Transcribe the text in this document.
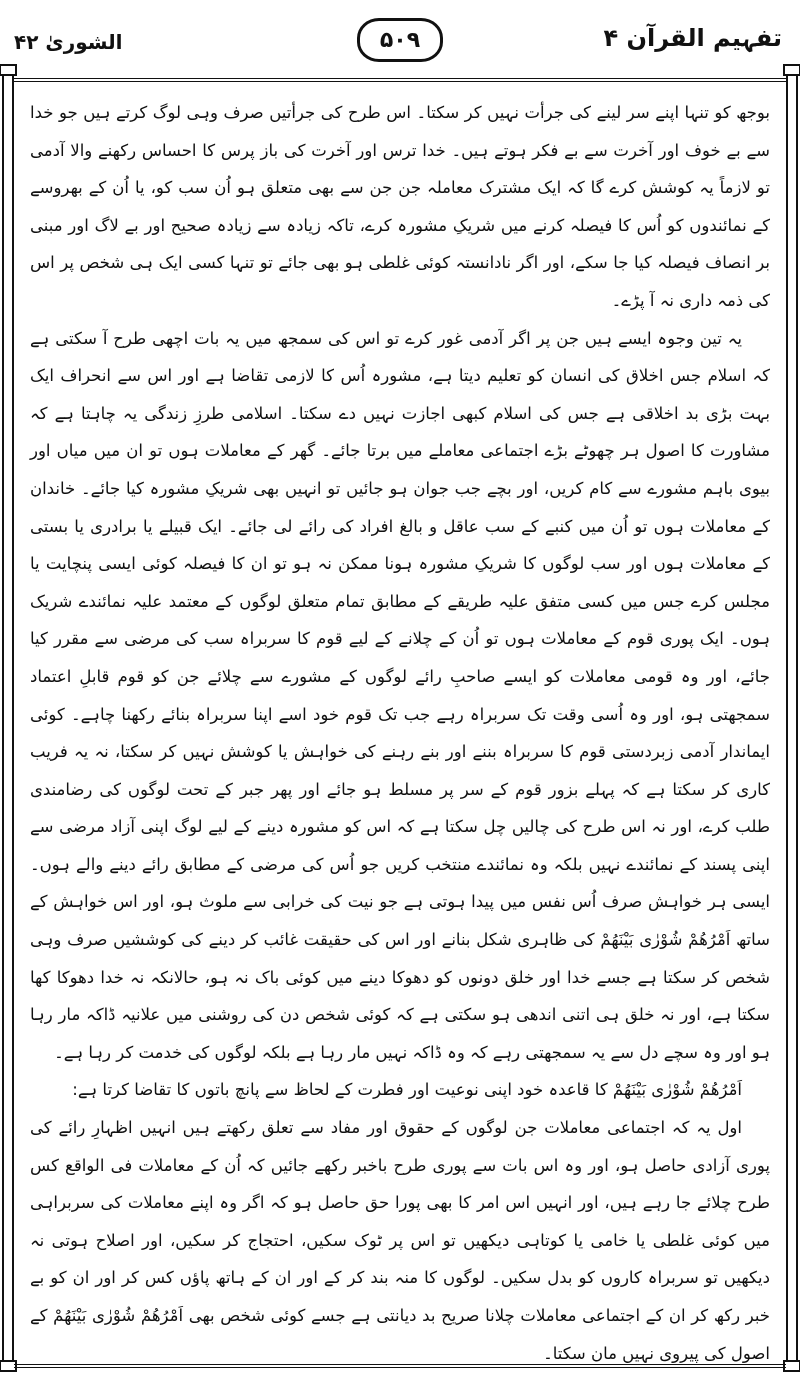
الشوریٰ ۴۲	۵۰۹	تفہیم القرآن ۴

بوجھ کو تنہا اپنے سر لینے کی جرأت نہیں کر سکتا۔ اس طرح کی جرأتیں صرف وہی لوگ کرتے ہیں جو خدا سے بے خوف اور آخرت سے بے فکر ہوتے ہیں۔ خدا ترس اور آخرت کی باز پرس کا احساس رکھنے والا آدمی تو لازماً یہ کوشش کرے گا کہ ایک مشترک معاملہ جن جن سے بھی متعلق ہو اُن سب کو، یا اُن کے بھروسے کے نمائندوں کو اُس کا فیصلہ کرنے میں شریکِ مشورہ کرے، تاکہ زیادہ سے زیادہ صحیح اور بے لاگ اور مبنی بر انصاف فیصلہ کیا جا سکے، اور اگر نادانستہ کوئی غلطی ہو بھی جائے تو تنہا کسی ایک ہی شخص پر اس کی ذمہ داری نہ آ پڑے۔

یہ تین وجوہ ایسے ہیں جن پر اگر آدمی غور کرے تو اس کی سمجھ میں یہ بات اچھی طرح آ سکتی ہے کہ اسلام جس اخلاق کی انسان کو تعلیم دیتا ہے، مشورہ اُس کا لازمی تقاضا ہے اور اس سے انحراف ایک بہت بڑی بد اخلاقی ہے جس کی اسلام کبھی اجازت نہیں دے سکتا۔ اسلامی طرزِ زندگی یہ چاہتا ہے کہ مشاورت کا اصول ہر چھوٹے بڑے اجتماعی معاملے میں برتا جائے۔ گھر کے معاملات ہوں تو ان میں میاں اور بیوی باہم مشورے سے کام کریں، اور بچے جب جوان ہو جائیں تو انہیں بھی شریکِ مشورہ کیا جائے۔ خاندان کے معاملات ہوں تو اُن میں کنبے کے سب عاقل و بالغ افراد کی رائے لی جائے۔ ایک قبیلے یا برادری یا بستی کے معاملات ہوں اور سب لوگوں کا شریکِ مشورہ ہونا ممکن نہ ہو تو ان کا فیصلہ کوئی ایسی پنچایت یا مجلس کرے جس میں کسی متفق علیہ طریقے کے مطابق تمام متعلق لوگوں کے معتمد علیہ نمائندے شریک ہوں۔ ایک پوری قوم کے معاملات ہوں تو اُن کے چلانے کے لیے قوم کا سربراہ سب کی مرضی سے مقرر کیا جائے، اور وہ قومی معاملات کو ایسے صاحبِ رائے لوگوں کے مشورے سے چلائے جن کو قوم قابلِ اعتماد سمجھتی ہو، اور وہ اُسی وقت تک سربراہ رہے جب تک قوم خود اسے اپنا سربراہ بنائے رکھنا چاہے۔ کوئی ایماندار آدمی زبردستی قوم کا سربراہ بننے اور بنے رہنے کی خواہش یا کوشش نہیں کر سکتا، نہ یہ فریب کاری کر سکتا ہے کہ پہلے بزور قوم کے سر پر مسلط ہو جائے اور پھر جبر کے تحت لوگوں کی رضامندی طلب کرے، اور نہ اس طرح کی چالیں چل سکتا ہے کہ اس کو مشورہ دینے کے لیے لوگ اپنی آزاد مرضی سے اپنی پسند کے نمائندے نہیں بلکہ وہ نمائندے منتخب کریں جو اُس کی مرضی کے مطابق رائے دینے والے ہوں۔ ایسی ہر خواہش صرف اُس نفس میں پیدا ہوتی ہے جو نیت کی خرابی سے ملوث ہو، اور اس خواہش کے ساتھ اَمْرُهُمْ شُوْرٰى بَيْنَهُمْ کی ظاہری شکل بنانے اور اس کی حقیقت غائب کر دینے کی کوششیں صرف وہی شخص کر سکتا ہے جسے خدا اور خلق دونوں کو دھوکا دینے میں کوئی باک نہ ہو، حالانکہ نہ خدا دھوکا کھا سکتا ہے، اور نہ خلق ہی اتنی اندھی ہو سکتی ہے کہ کوئی شخص دن کی روشنی میں علانیہ ڈاکہ مار رہا ہو اور وہ سچے دل سے یہ سمجھتی رہے کہ وہ ڈاکہ نہیں مار رہا ہے بلکہ لوگوں کی خدمت کر رہا ہے۔

اَمْرُهُمْ شُوْرٰى بَيْنَهُمْ کا قاعدہ خود اپنی نوعیت اور فطرت کے لحاظ سے پانچ باتوں کا تقاضا کرتا ہے:

اول یہ کہ اجتماعی معاملات جن لوگوں کے حقوق اور مفاد سے تعلق رکھتے ہیں انہیں اظہارِ رائے کی پوری آزادی حاصل ہو، اور وہ اس بات سے پوری طرح باخبر رکھے جائیں کہ اُن کے معاملات فی الواقع کس طرح چلائے جا رہے ہیں، اور انہیں اس امر کا بھی پورا حق حاصل ہو کہ اگر وہ اپنے معاملات کی سربراہی میں کوئی غلطی یا خامی یا کوتاہی دیکھیں تو اس پر ٹوک سکیں، احتجاج کر سکیں، اور اصلاح ہوتی نہ دیکھیں تو سربراہ کاروں کو بدل سکیں۔ لوگوں کا منہ بند کر کے اور ان کے ہاتھ پاؤں کس کر اور ان کو بے خبر رکھ کر ان کے اجتماعی معاملات چلانا صریح بد دیانتی ہے جسے کوئی شخص بھی اَمْرُهُمْ شُوْرٰى بَيْنَهُمْ کے اصول کی پیروی نہیں مان سکتا۔
